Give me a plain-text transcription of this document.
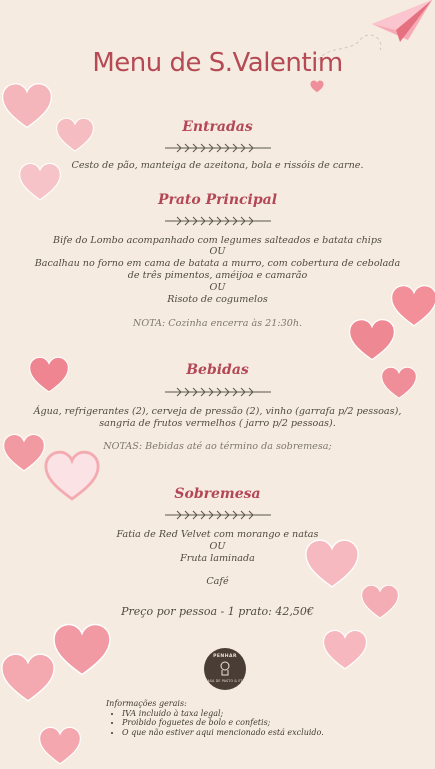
Menu de S.Valentim
Entradas
Cesto de pão, manteiga de azeitona, bola e rissóis de carne.
Prato Principal
Bife do Lombo acompanhado com legumes salteados e batata chips
OU
Bacalhau no forno em cama de batata a murro, com cobertura de cebolada
de três pimentos, améijoa e camarão
OU
Risoto de cogumelos
NOTA: Cozinha encerra às 21:30h.
Bebidas
Água, refrigerantes (2), cerveja de pressão (2), vinho (garrafa p/2 pessoas),
sangria de frutos vermelhos ( jarro p/2 pessoas).
NOTAS: Bebidas até ao término da sobremesa;
Sobremesa
Fatia de Red Velvet com morango e natas
OU
Fruta laminada
Café
Preço por pessoa - 1 prato: 42,50€
PENHAR
CASA DE PASTO & ETC
Informações gerais:
• IVA incluido à taxa legal;
• Proibido foguetes de bolo e confetis;
• O que não estiver aqui mencionado está excluido.
